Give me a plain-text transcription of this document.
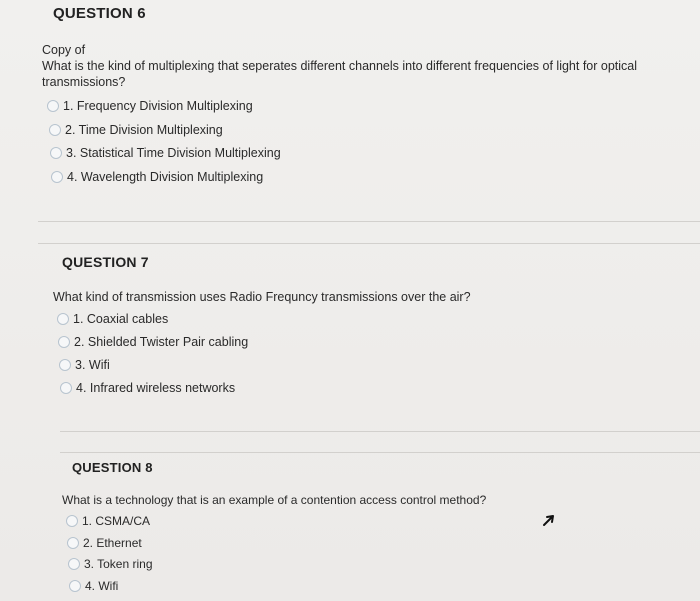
QUESTION 6
Copy of
What is the kind of multiplexing that seperates different channels into different frequencies of light for optical transmissions?
1. Frequency Division Multiplexing
2. Time Division Multiplexing
3. Statistical Time Division Multiplexing
4. Wavelength Division Multiplexing
QUESTION 7
What kind of transmission uses Radio Frequncy transmissions over the air?
1. Coaxial cables
2. Shielded Twister Pair cabling
3. Wifi
4. Infrared wireless networks
QUESTION 8
What is a technology that is an example of a contention access control method?
1. CSMA/CA
2. Ethernet
3. Token ring
4. Wifi
